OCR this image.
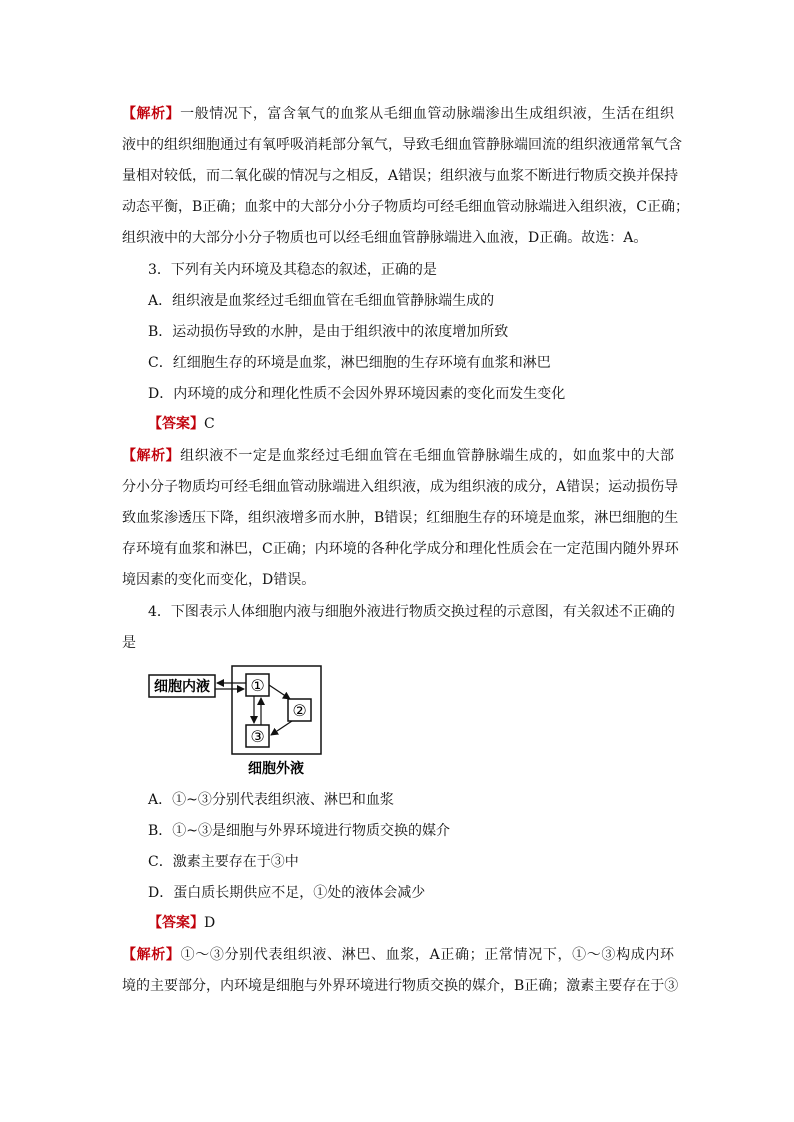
【解析】一般情况下，富含氧气的血浆从毛细血管动脉端渗出生成组织液，生活在组织
液中的组织细胞通过有氧呼吸消耗部分氧气，导致毛细血管静脉端回流的组织液通常氧气含
量相对较低，而二氧化碳的情况与之相反，A错误；组织液与血浆不断进行物质交换并保持
动态平衡，B正确；血浆中的大部分小分子物质均可经毛细血管动脉端进入组织液，C正确；
组织液中的大部分小分子物质也可以经毛细血管静脉端进入血液，D正确。故选：A。
3．下列有关内环境及其稳态的叙述，正确的是
A．组织液是血浆经过毛细血管在毛细血管静脉端生成的
B．运动损伤导致的水肿，是由于组织液中的浓度增加所致
C．红细胞生存的环境是血浆，淋巴细胞的生存环境有血浆和淋巴
D．内环境的成分和理化性质不会因外界环境因素的变化而发生变化
【答案】C
【解析】组织液不一定是血浆经过毛细血管在毛细血管静脉端生成的，如血浆中的大部
分小分子物质均可经毛细血管动脉端进入组织液，成为组织液的成分，A错误；运动损伤导
致血浆渗透压下降，组织液增多而水肿，B错误；红细胞生存的环境是血浆，淋巴细胞的生
存环境有血浆和淋巴，C正确；内环境的各种化学成分和理化性质会在一定范围内随外界环
境因素的变化而变化，D错误。
4．下图表示人体细胞内液与细胞外液进行物质交换过程的示意图，有关叙述不正确的
是
细胞内液	①
②
③
细胞外液
A．①~③分别代表组织液、淋巴和血浆
B．①~③是细胞与外界环境进行物质交换的媒介
C．激素主要存在于③中
D．蛋白质长期供应不足，①处的液体会减少
【答案】D
【解析】①～③分别代表组织液、淋巴、血浆，A正确；正常情况下，①～③构成内环
境的主要部分，内环境是细胞与外界环境进行物质交换的媒介，B正确；激素主要存在于③
